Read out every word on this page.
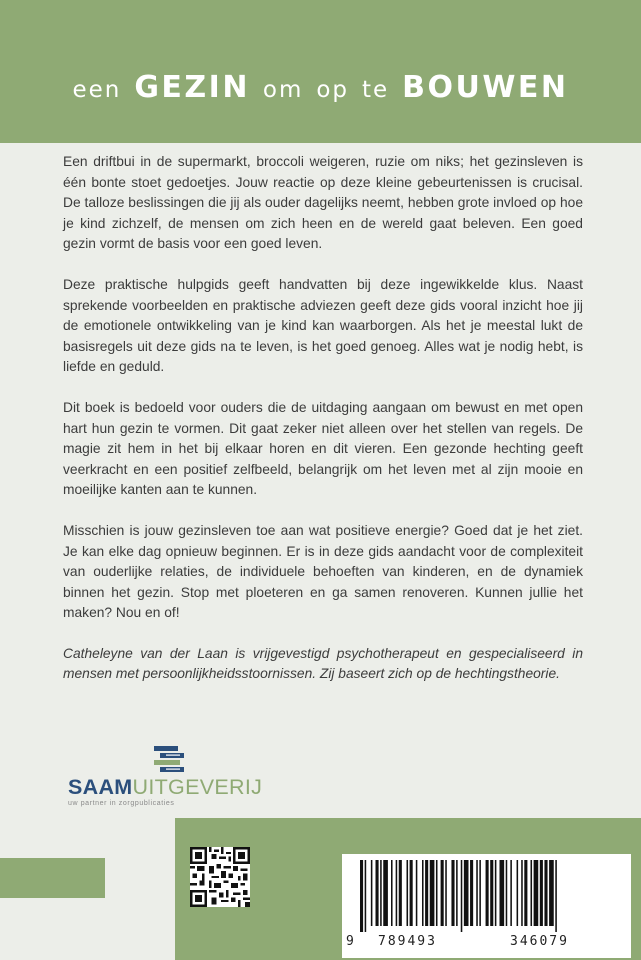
een GEZIN om op te BOUWEN

Een driftbui in de supermarkt, broccoli weigeren, ruzie om niks; het gezinsleven is één bonte stoet gedoetjes. Jouw reactie op deze kleine gebeurtenissen is crucisal. De talloze beslissingen die jij als ouder dagelijks neemt, hebben grote invloed op hoe je kind zichzelf, de mensen om zich heen en de wereld gaat beleven. Een goed gezin vormt de basis voor een goed leven.

Deze praktische hulpgids geeft handvatten bij deze ingewikkelde klus. Naast sprekende voorbeelden en praktische adviezen geeft deze gids vooral inzicht hoe jij de emotionele ontwikkeling van je kind kan waarborgen. Als het je meestal lukt de basisregels uit deze gids na te leven, is het goed genoeg. Alles wat je nodig hebt, is liefde en geduld.

Dit boek is bedoeld voor ouders die de uitdaging aangaan om bewust en met open hart hun gezin te vormen. Dit gaat zeker niet alleen over het stellen van regels. De magie zit hem in het bij elkaar horen en dit vieren. Een gezonde hechting geeft veerkracht en een positief zelfbeeld, belangrijk om het leven met al zijn mooie en moeilijke kanten aan te kunnen.

Misschien is jouw gezinsleven toe aan wat positieve energie? Goed dat je het ziet. Je kan elke dag opnieuw beginnen. Er is in deze gids aandacht voor de complexiteit van ouderlijke relaties, de individuele behoeften van kinderen, en de dynamiek binnen het gezin. Stop met ploeteren en ga samen renoveren. Kunnen jullie het maken? Nou en of!

Catheleyne van der Laan is vrijgevestigd psychotherapeut en gespecialiseerd in mensen met persoonlijkheidsstoornissen. Zij baseert zich op de hechtingstheorie.

SAAMUITGEVERIJ
uw partner in zorgpublicaties
9 789493	346079
